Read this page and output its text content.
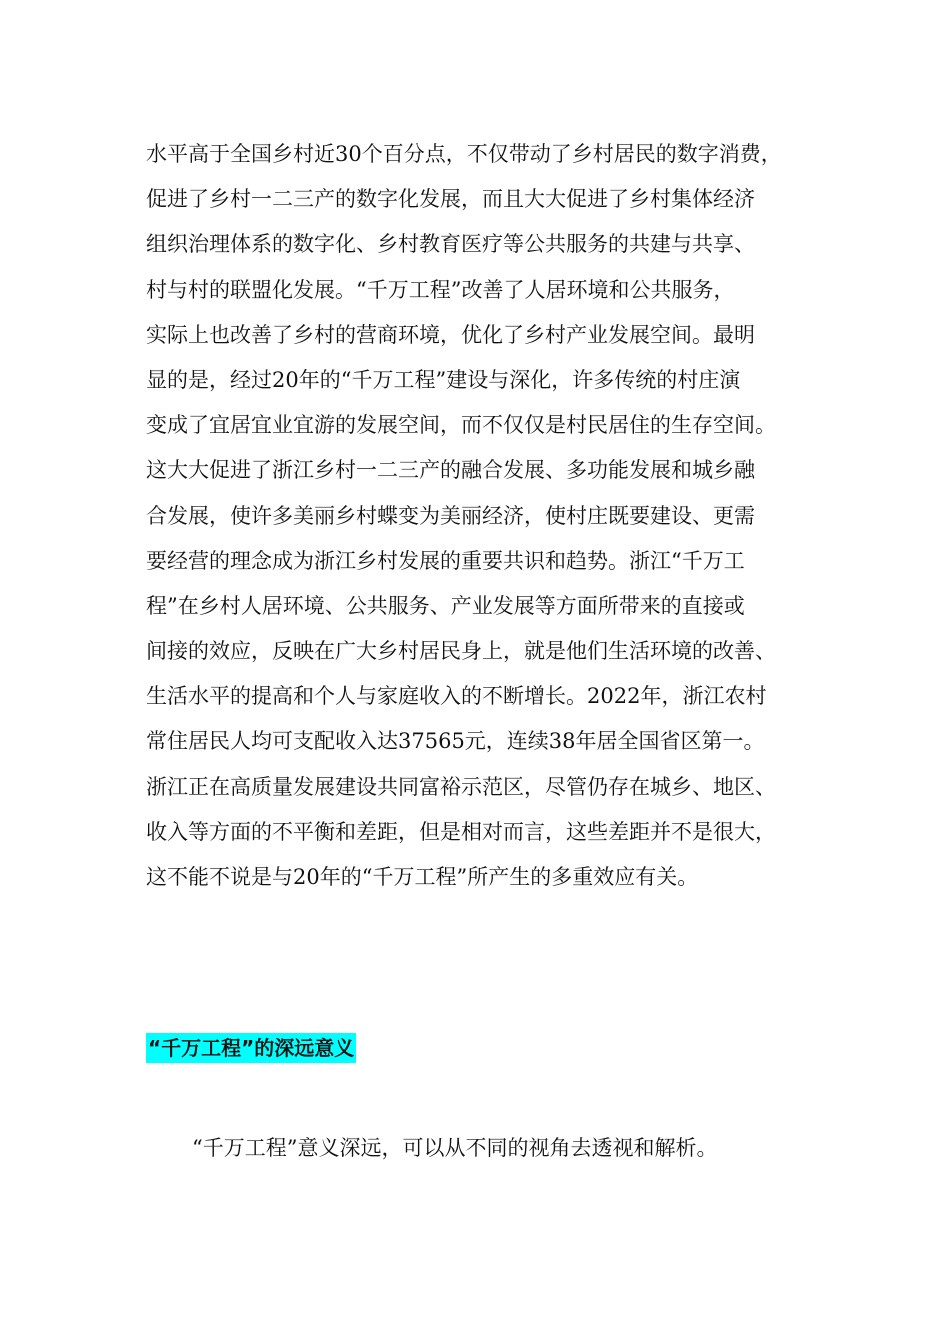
水平高于全国乡村近30个百分点，不仅带动了乡村居民的数字消费，
促进了乡村一二三产的数字化发展，而且大大促进了乡村集体经济
组织治理体系的数字化、乡村教育医疗等公共服务的共建与共享、
村与村的联盟化发展。“千万工程”改善了人居环境和公共服务，
实际上也改善了乡村的营商环境，优化了乡村产业发展空间。最明
显的是，经过20年的“千万工程”建设与深化，许多传统的村庄演
变成了宜居宜业宜游的发展空间，而不仅仅是村民居住的生存空间。
这大大促进了浙江乡村一二三产的融合发展、多功能发展和城乡融
合发展，使许多美丽乡村蝶变为美丽经济，使村庄既要建设、更需
要经营的理念成为浙江乡村发展的重要共识和趋势。浙江“千万工
程”在乡村人居环境、公共服务、产业发展等方面所带来的直接或
间接的效应，反映在广大乡村居民身上，就是他们生活环境的改善、
生活水平的提高和个人与家庭收入的不断增长。2022年，浙江农村
常住居民人均可支配收入达37565元，连续38年居全国省区第一。
浙江正在高质量发展建设共同富裕示范区，尽管仍存在城乡、地区、
收入等方面的不平衡和差距，但是相对而言，这些差距并不是很大，
这不能不说是与20年的“千万工程”所产生的多重效应有关。
“千万工程”的深远意义

“千万工程”意义深远，可以从不同的视角去透视和解析。
